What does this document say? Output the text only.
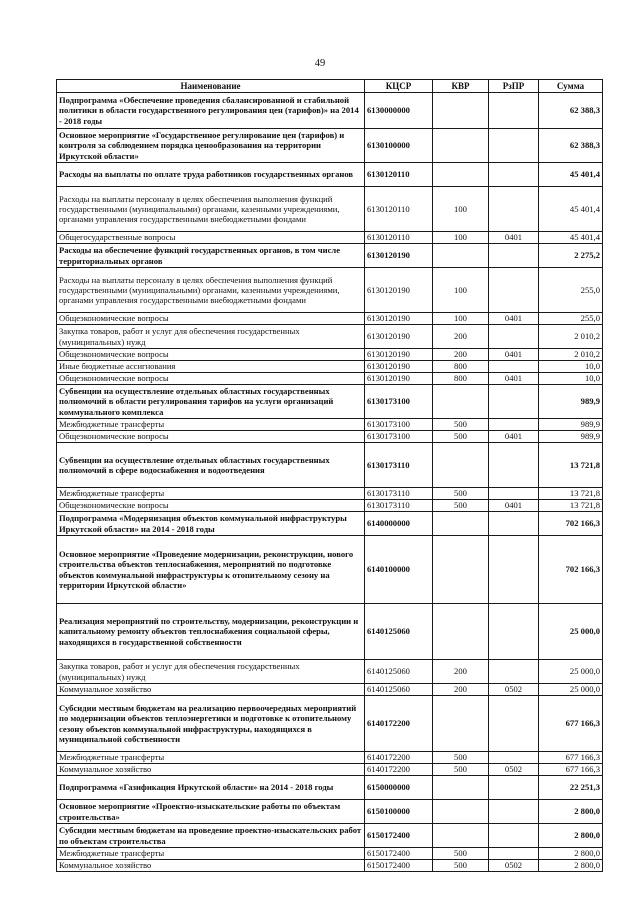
49
Наименование	КЦСР	КВР	РзПР	Сумма
Подпрограмма «Обеспечение проведения сбалансированной и стабильной политики в области государственного регулирования цен (тарифов)» на 2014 - 2018 годы	6130000000			62 388,3
Основное мероприятие «Государственное регулирование цен (тарифов) и контроля за соблюдением порядка ценообразования на территории Иркутской области»	6130100000			62 388,3
Расходы на выплаты по оплате труда работников государственных органов	6130120110			45 401,4
Расходы на выплаты персоналу в целях обеспечения выполнения функций государственными (муниципальными) органами, казенными учреждениями, органами управления государственными внебюджетными фондами	6130120110	100		45 401,4
Общегосударственные вопросы	6130120110	100	0401	45 401,4
Расходы на обеспечение функций государственных органов, в том числе территориальных органов	6130120190			2 275,2
Расходы на выплаты персоналу в целях обеспечения выполнения функций государственными (муниципальными) органами, казенными учреждениями, органами управления государственными внебюджетными фондами	6130120190	100		255,0
Общеэкономические вопросы	6130120190	100	0401	255,0
Закупка товаров, работ и услуг для обеспечения государственных (муниципальных) нужд	6130120190	200		2 010,2
Общеэкономические вопросы	6130120190	200	0401	2 010,2
Иные бюджетные ассигнования	6130120190	800		10,0
Общеэкономические вопросы	6130120190	800	0401	10,0
Субвенции на осуществление отдельных областных государственных полномочий в области регулирования тарифов на услуги организаций коммунального комплекса	6130173100			989,9
Межбюджетные трансферты	6130173100	500		989,9
Общеэкономические вопросы	6130173100	500	0401	989,9
Субвенции на осуществление отдельных областных государственных полномочий в сфере водоснабжения и водоотведения	6130173110			13 721,8
Межбюджетные трансферты	6130173110	500		13 721,8
Общеэкономические вопросы	6130173110	500	0401	13 721,8
Подпрограмма «Модернизация объектов коммунальной инфраструктуры Иркутской области» на 2014 - 2018 годы	6140000000			702 166,3
Основное мероприятие «Проведение модернизации, реконструкции, нового строительства объектов теплоснабжения, мероприятий по подготовке объектов коммунальной инфраструктуры к отопительному сезону на территории Иркутской области»	6140100000			702 166,3
Реализация мероприятий по строительству, модернизации, реконструкции и капитальному ремонту объектов теплоснабжения социальной сферы, находящихся в государственной собственности	6140125060			25 000,0
Закупка товаров, работ и услуг для обеспечения государственных (муниципальных) нужд	6140125060	200		25 000,0
Коммунальное хозяйство	6140125060	200	0502	25 000,0
Субсидии местным бюджетам на реализацию первоочередных мероприятий по модернизации объектов теплоэнергетики и подготовке к отопительному сезону объектов коммунальной инфраструктуры, находящихся в муниципальной собственности	6140172200			677 166,3
Межбюджетные трансферты	6140172200	500		677 166,3
Коммунальное хозяйство	6140172200	500	0502	677 166,3
Подпрограмма «Газификация Иркутской области» на 2014 - 2018 годы	6150000000			22 251,3
Основное мероприятие «Проектно-изыскательские работы по объектам строительства»	6150100000			2 800,0
Субсидии местным бюджетам на проведение проектно-изыскательских работ по объектам строительства	6150172400			2 800,0
Межбюджетные трансферты	6150172400	500		2 800,0
Коммунальное хозяйство	6150172400	500	0502	2 800,0
